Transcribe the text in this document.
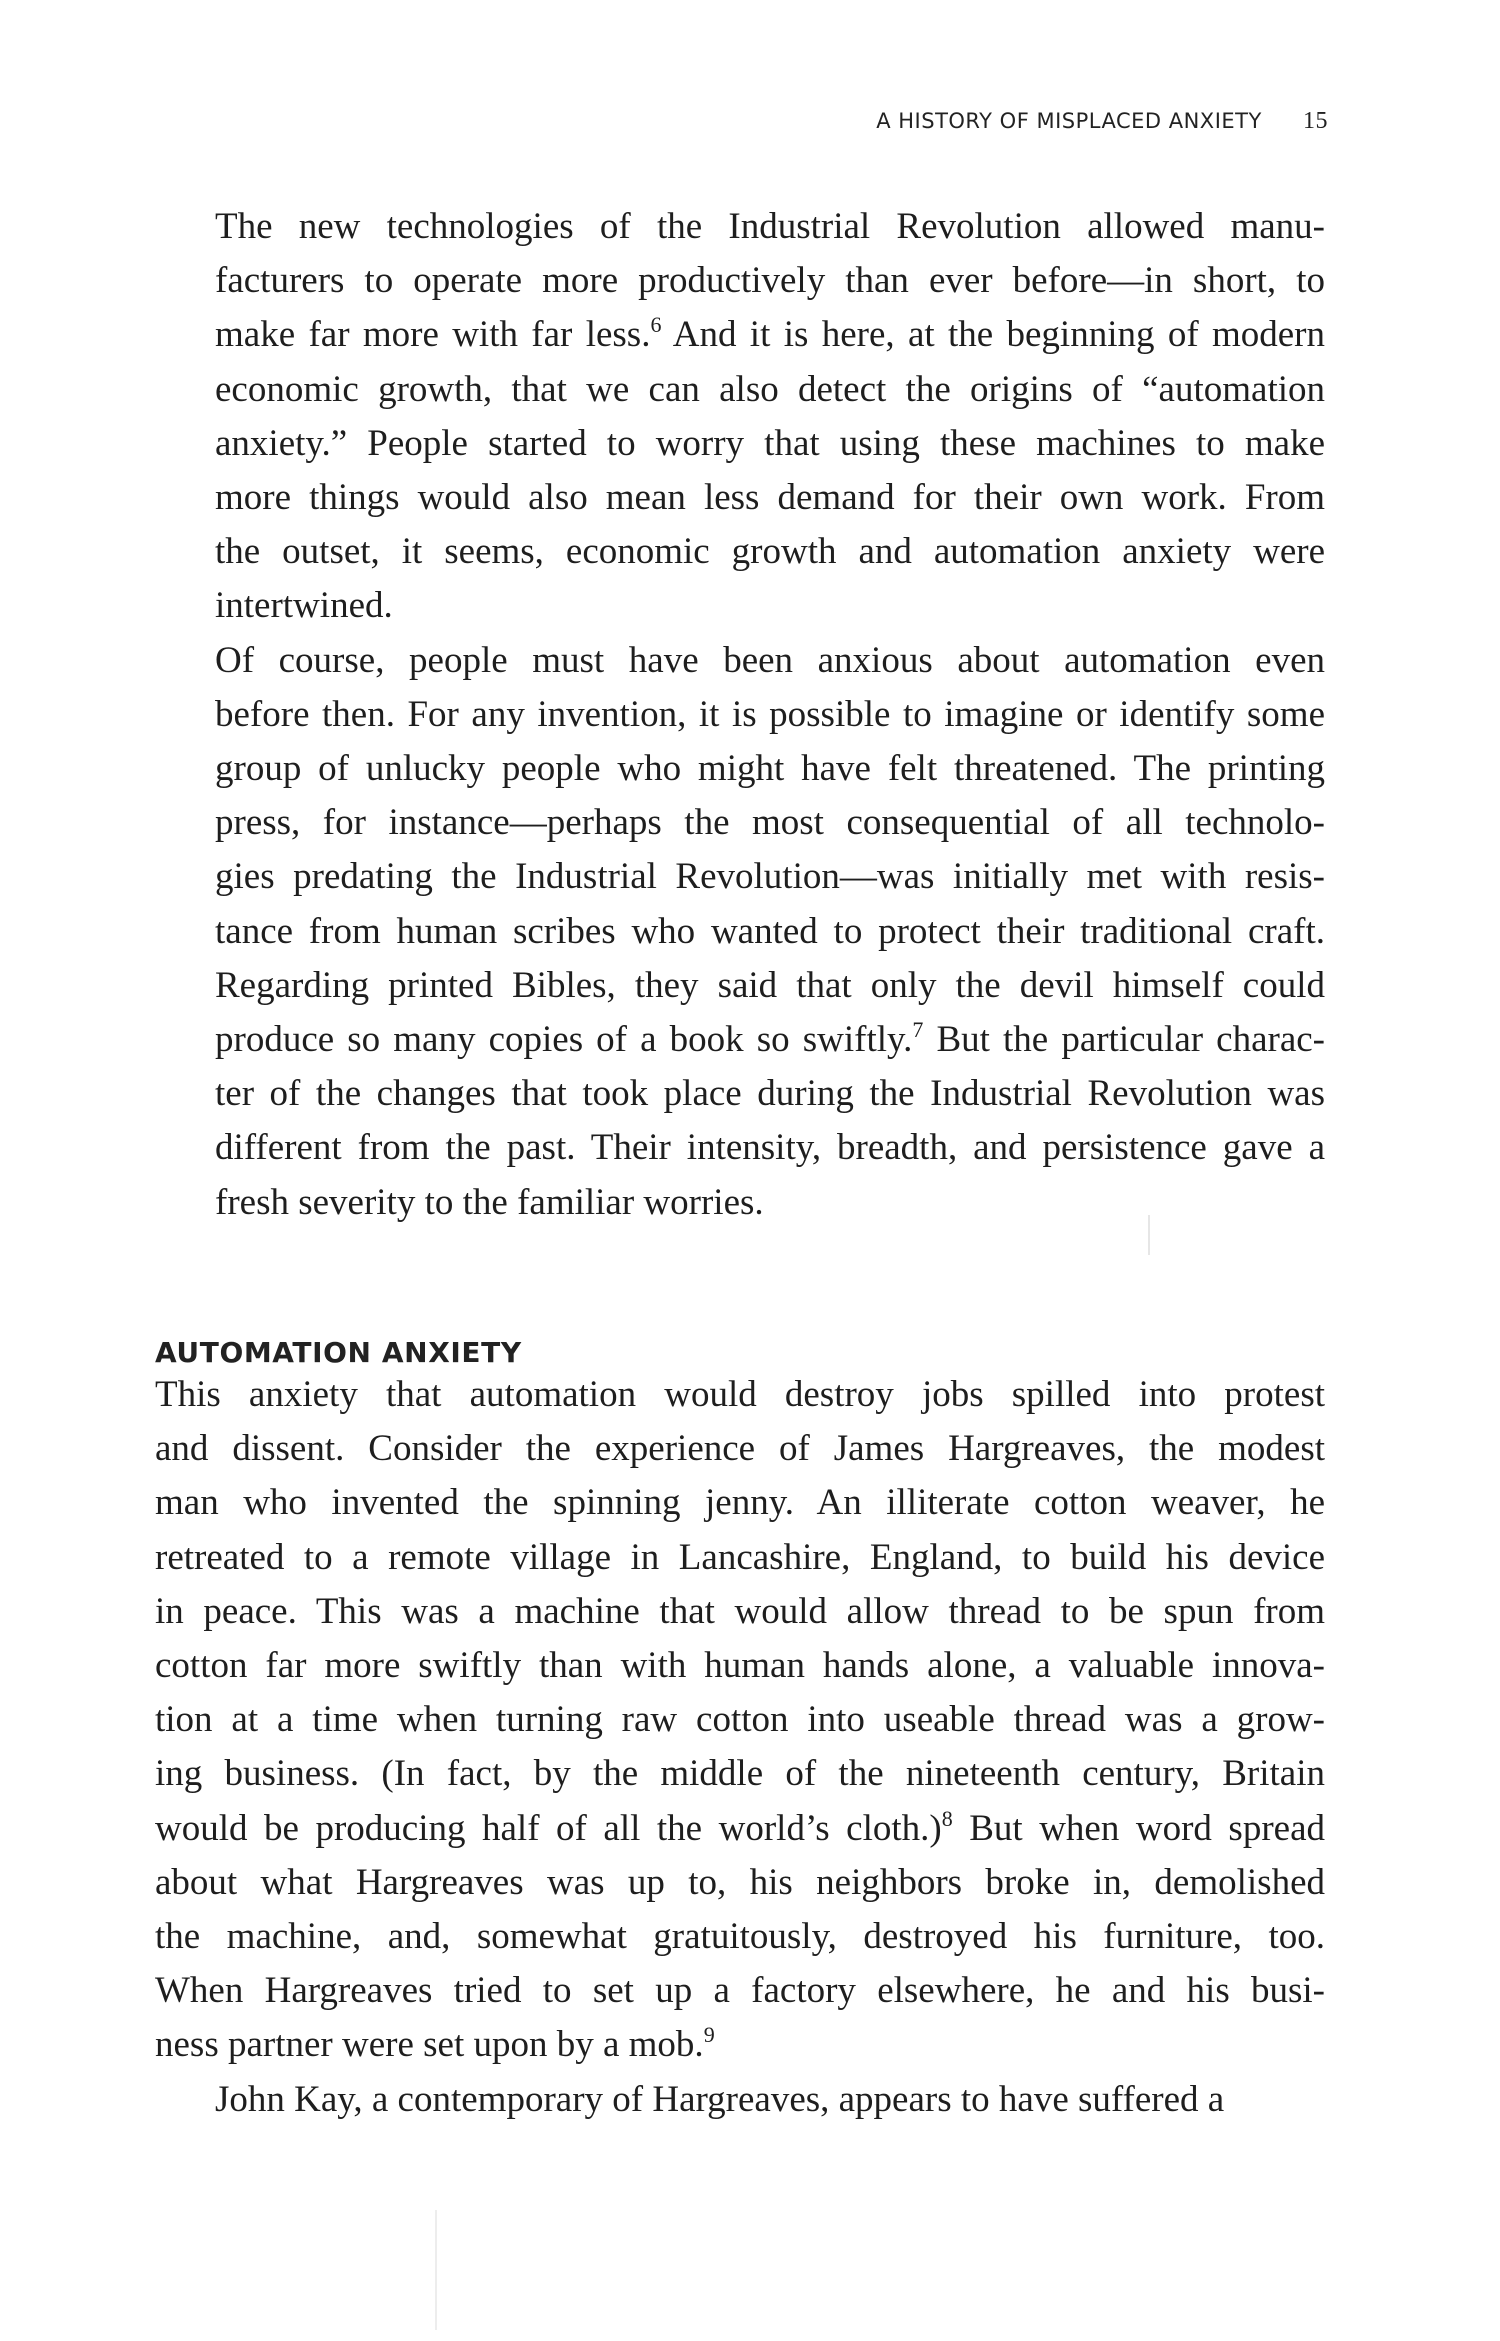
A HISTORY OF MISPLACED ANXIETY 15

The new technologies of the Industrial Revolution allowed manu-
facturers to operate more productively than ever before—in short, to
make far more with far less.$^6$ And it is here, at the beginning of modern
economic growth, that we can also detect the origins of “automation
anxiety.” People started to worry that using these machines to make
more things would also mean less demand for their own work. From
the outset, it seems, economic growth and automation anxiety were
intertwined.

Of course, people must have been anxious about automation even
before then. For any invention, it is possible to imagine or identify some
group of unlucky people who might have felt threatened. The printing
press, for instance—perhaps the most consequential of all technolo-
gies predating the Industrial Revolution—was initially met with resis-
tance from human scribes who wanted to protect their traditional craft.
Regarding printed Bibles, they said that only the devil himself could
produce so many copies of a book so swiftly.$^7$ But the particular charac-
ter of the changes that took place during the Industrial Revolution was
different from the past. Their intensity, breadth, and persistence gave a
fresh severity to the familiar worries.

AUTOMATION ANXIETY

This anxiety that automation would destroy jobs spilled into protest
and dissent. Consider the experience of James Hargreaves, the modest
man who invented the spinning jenny. An illiterate cotton weaver, he
retreated to a remote village in Lancashire, England, to build his device
in peace. This was a machine that would allow thread to be spun from
cotton far more swiftly than with human hands alone, a valuable innova-
tion at a time when turning raw cotton into useable thread was a grow-
ing business. (In fact, by the middle of the nineteenth century, Britain
would be producing half of all the world’s cloth.)$^8$ But when word spread
about what Hargreaves was up to, his neighbors broke in, demolished
the machine, and, somewhat gratuitously, destroyed his furniture, too.
When Hargreaves tried to set up a factory elsewhere, he and his busi-
ness partner were set upon by a mob.$^9$

John Kay, a contemporary of Hargreaves, appears to have suffered a
